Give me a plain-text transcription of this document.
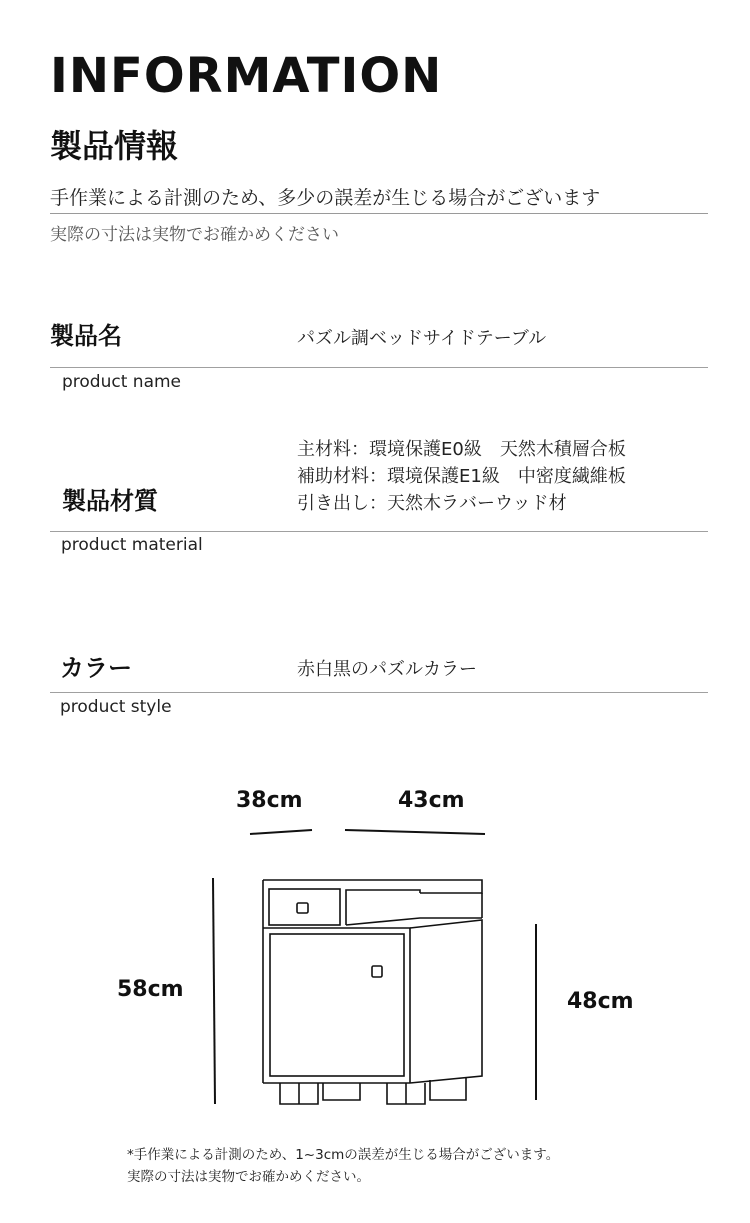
INFORMATION
製品情報
手作業による計測のため、多少の誤差が生じる場合がございます
実際の寸法は実物でお確かめください
製品名	パズル調ベッドサイドテーブル
product name
製品材質
主材料：環境保護E0級　天然木積層合板
補助材料：環境保護E1級　中密度繊維板
引き出し：天然木ラバーウッド材
product material
カラー	赤白黒のパズルカラー
product style
38cm	43cm
58cm	48cm
*手作業による計測のため、1~3cmの誤差が生じる場合がございます。
実際の寸法は実物でお確かめください。
